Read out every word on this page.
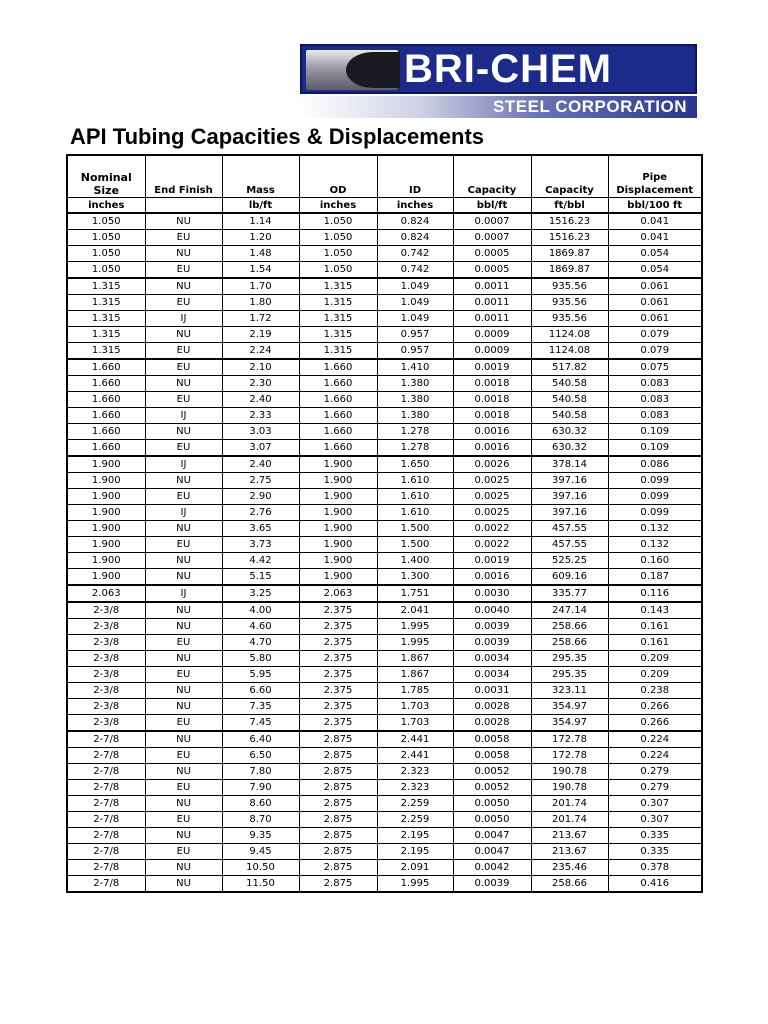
BRI-CHEM
STEEL CORPORATION
API Tubing Capacities & Displacements
Nominal
Size	End Finish	Mass	OD	ID	Capacity	Capacity	Pipe
Displacement
inches		lb/ft	inches	inches	bbl/ft	ft/bbl	bbl/100 ft
1.050	NU	1.14	1.050	0.824	0.0007	1516.23	0.041
1.050	EU	1.20	1.050	0.824	0.0007	1516.23	0.041
1.050	NU	1.48	1.050	0.742	0.0005	1869.87	0.054
1.050	EU	1.54	1.050	0.742	0.0005	1869.87	0.054
1.315	NU	1.70	1.315	1.049	0.0011	935.56	0.061
1.315	EU	1.80	1.315	1.049	0.0011	935.56	0.061
1.315	IJ	1.72	1.315	1.049	0.0011	935.56	0.061
1.315	NU	2.19	1.315	0.957	0.0009	1124.08	0.079
1.315	EU	2.24	1.315	0.957	0.0009	1124.08	0.079
1.660	EU	2.10	1.660	1.410	0.0019	517.82	0.075
1.660	NU	2.30	1.660	1.380	0.0018	540.58	0.083
1.660	EU	2.40	1.660	1.380	0.0018	540.58	0.083
1.660	IJ	2.33	1.660	1.380	0.0018	540.58	0.083
1.660	NU	3.03	1.660	1.278	0.0016	630.32	0.109
1.660	EU	3.07	1.660	1.278	0.0016	630.32	0.109
1.900	IJ	2.40	1.900	1.650	0.0026	378.14	0.086
1.900	NU	2.75	1.900	1.610	0.0025	397.16	0.099
1.900	EU	2.90	1.900	1.610	0.0025	397.16	0.099
1.900	IJ	2.76	1.900	1.610	0.0025	397.16	0.099
1.900	NU	3.65	1.900	1.500	0.0022	457.55	0.132
1.900	EU	3.73	1.900	1.500	0.0022	457.55	0.132
1.900	NU	4.42	1.900	1.400	0.0019	525.25	0.160
1.900	NU	5.15	1.900	1.300	0.0016	609.16	0.187
2.063	IJ	3.25	2.063	1.751	0.0030	335.77	0.116
2-3/8	NU	4.00	2.375	2.041	0.0040	247.14	0.143
2-3/8	NU	4.60	2.375	1.995	0.0039	258.66	0.161
2-3/8	EU	4.70	2.375	1.995	0.0039	258.66	0.161
2-3/8	NU	5.80	2.375	1.867	0.0034	295.35	0.209
2-3/8	EU	5.95	2.375	1.867	0.0034	295.35	0.209
2-3/8	NU	6.60	2.375	1.785	0.0031	323.11	0.238
2-3/8	NU	7.35	2.375	1.703	0.0028	354.97	0.266
2-3/8	EU	7.45	2.375	1.703	0.0028	354.97	0.266
2-7/8	NU	6.40	2.875	2.441	0.0058	172.78	0.224
2-7/8	EU	6.50	2.875	2.441	0.0058	172.78	0.224
2-7/8	NU	7.80	2.875	2.323	0.0052	190.78	0.279
2-7/8	EU	7.90	2.875	2.323	0.0052	190.78	0.279
2-7/8	NU	8.60	2.875	2.259	0.0050	201.74	0.307
2-7/8	EU	8.70	2.875	2.259	0.0050	201.74	0.307
2-7/8	NU	9.35	2.875	2.195	0.0047	213.67	0.335
2-7/8	EU	9.45	2.875	2.195	0.0047	213.67	0.335
2-7/8	NU	10.50	2.875	2.091	0.0042	235.46	0.378
2-7/8	NU	11.50	2.875	1.995	0.0039	258.66	0.416
